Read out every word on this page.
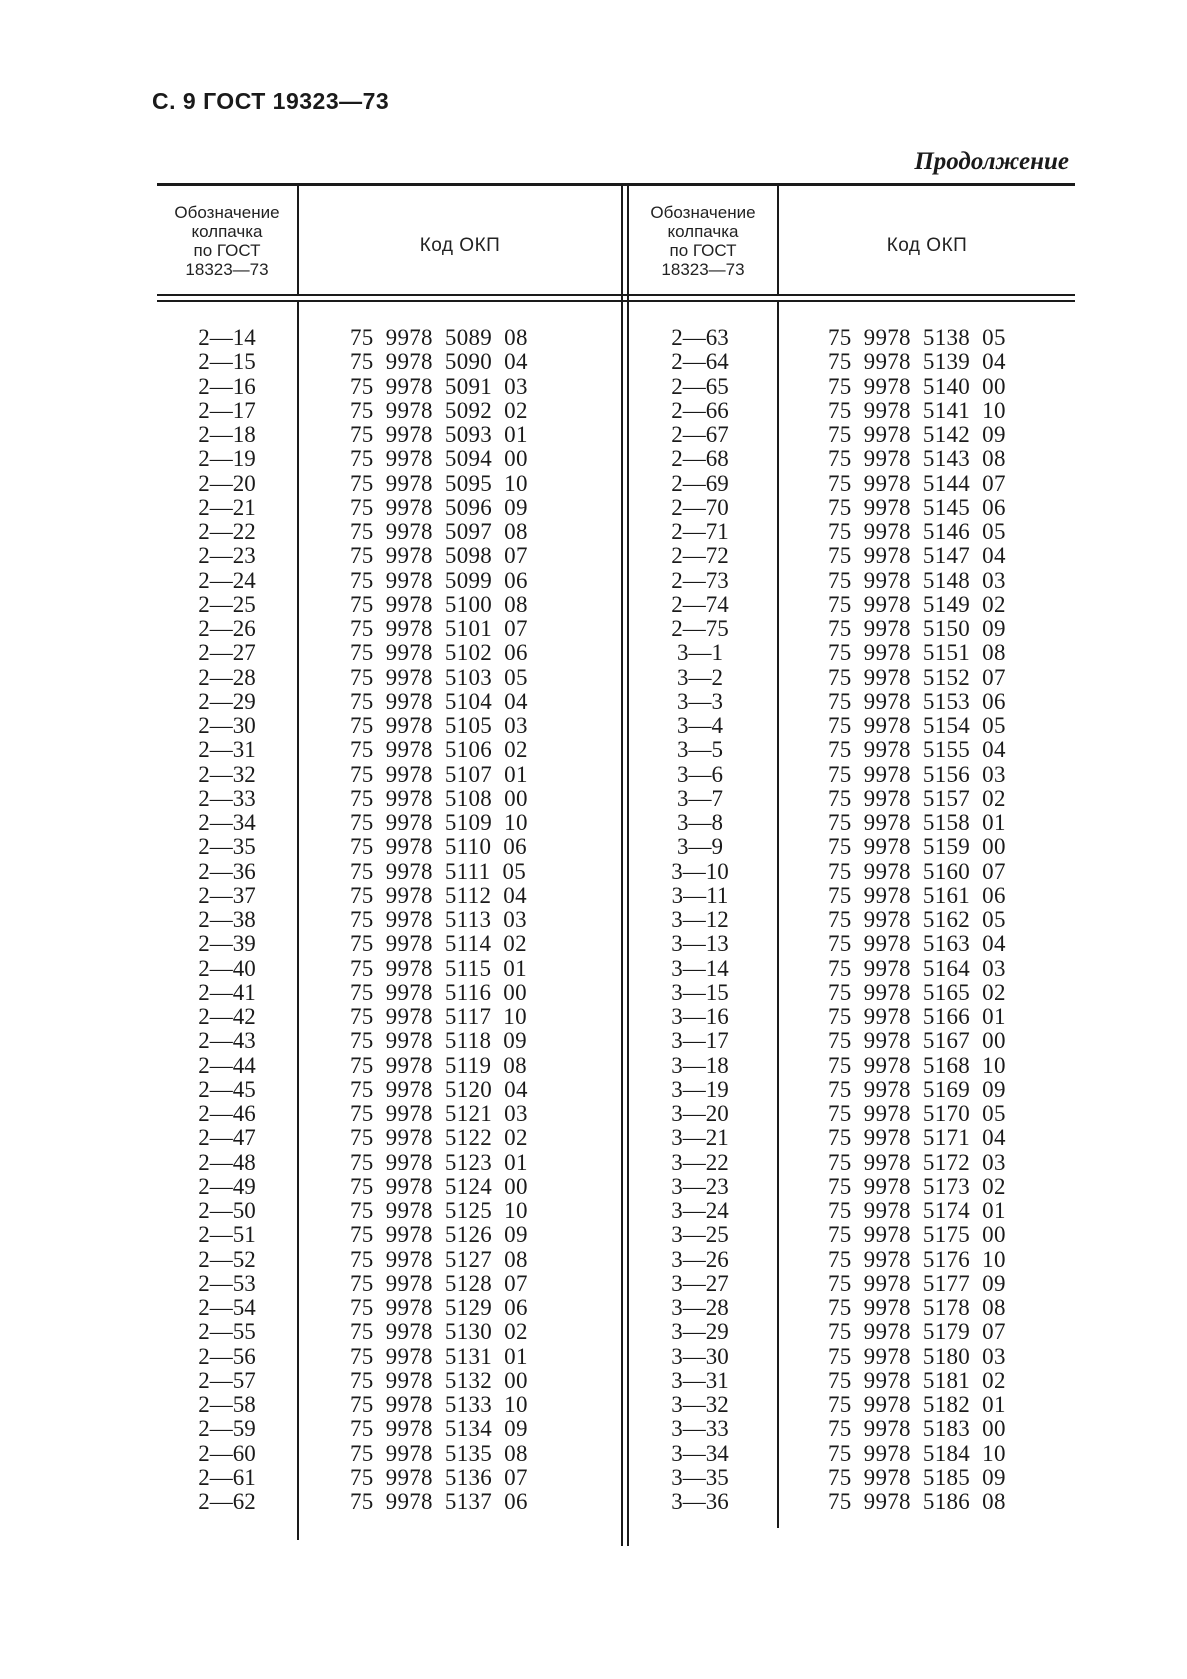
С. 9 ГОСТ 19323—73
Продолжение
Обозначение
колпачка
по ГОСТ
18323—73
Код ОКП
Обозначение
колпачка
по ГОСТ
18323—73
Код ОКП
2—14
2—15
2—16
2—17
2—18
2—19
2—20
2—21
2—22
2—23
2—24
2—25
2—26
2—27
2—28
2—29
2—30
2—31
2—32
2—33
2—34
2—35
2—36
2—37
2—38
2—39
2—40
2—41
2—42
2—43
2—44
2—45
2—46
2—47
2—48
2—49
2—50
2—51
2—52
2—53
2—54
2—55
2—56
2—57
2—58
2—59
2—60
2—61
2—62
75 9978 5089 08
75 9978 5090 04
75 9978 5091 03
75 9978 5092 02
75 9978 5093 01
75 9978 5094 00
75 9978 5095 10
75 9978 5096 09
75 9978 5097 08
75 9978 5098 07
75 9978 5099 06
75 9978 5100 08
75 9978 5101 07
75 9978 5102 06
75 9978 5103 05
75 9978 5104 04
75 9978 5105 03
75 9978 5106 02
75 9978 5107 01
75 9978 5108 00
75 9978 5109 10
75 9978 5110 06
75 9978 5111 05
75 9978 5112 04
75 9978 5113 03
75 9978 5114 02
75 9978 5115 01
75 9978 5116 00
75 9978 5117 10
75 9978 5118 09
75 9978 5119 08
75 9978 5120 04
75 9978 5121 03
75 9978 5122 02
75 9978 5123 01
75 9978 5124 00
75 9978 5125 10
75 9978 5126 09
75 9978 5127 08
75 9978 5128 07
75 9978 5129 06
75 9978 5130 02
75 9978 5131 01
75 9978 5132 00
75 9978 5133 10
75 9978 5134 09
75 9978 5135 08
75 9978 5136 07
75 9978 5137 06
2—63
2—64
2—65
2—66
2—67
2—68
2—69
2—70
2—71
2—72
2—73
2—74
2—75
3—1
3—2
3—3
3—4
3—5
3—6
3—7
3—8
3—9
3—10
3—11
3—12
3—13
3—14
3—15
3—16
3—17
3—18
3—19
3—20
3—21
3—22
3—23
3—24
3—25
3—26
3—27
3—28
3—29
3—30
3—31
3—32
3—33
3—34
3—35
3—36
75 9978 5138 05
75 9978 5139 04
75 9978 5140 00
75 9978 5141 10
75 9978 5142 09
75 9978 5143 08
75 9978 5144 07
75 9978 5145 06
75 9978 5146 05
75 9978 5147 04
75 9978 5148 03
75 9978 5149 02
75 9978 5150 09
75 9978 5151 08
75 9978 5152 07
75 9978 5153 06
75 9978 5154 05
75 9978 5155 04
75 9978 5156 03
75 9978 5157 02
75 9978 5158 01
75 9978 5159 00
75 9978 5160 07
75 9978 5161 06
75 9978 5162 05
75 9978 5163 04
75 9978 5164 03
75 9978 5165 02
75 9978 5166 01
75 9978 5167 00
75 9978 5168 10
75 9978 5169 09
75 9978 5170 05
75 9978 5171 04
75 9978 5172 03
75 9978 5173 02
75 9978 5174 01
75 9978 5175 00
75 9978 5176 10
75 9978 5177 09
75 9978 5178 08
75 9978 5179 07
75 9978 5180 03
75 9978 5181 02
75 9978 5182 01
75 9978 5183 00
75 9978 5184 10
75 9978 5185 09
75 9978 5186 08
